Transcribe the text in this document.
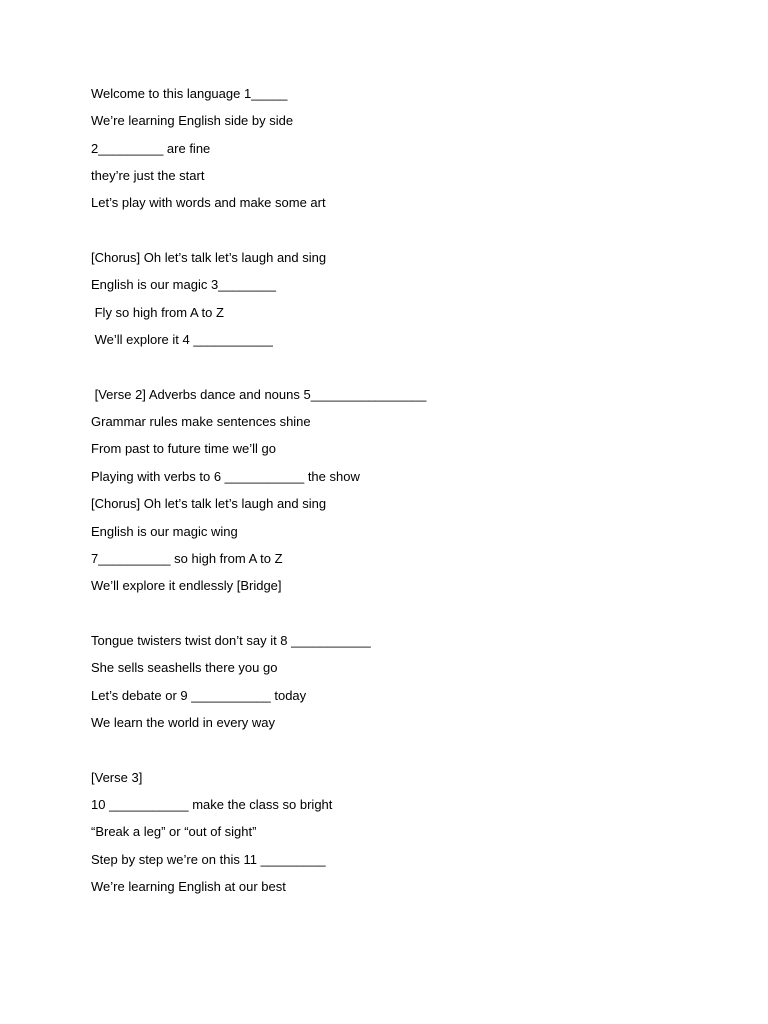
Welcome to this language 1_____
We’re learning English side by side
2_________ are fine
they’re just the start
Let’s play with words and make some art
[Chorus] Oh let’s talk let’s laugh and sing
English is our magic 3________
Fly so high from A to Z
We’ll explore it 4 ___________
[Verse 2] Adverbs dance and nouns 5________________
Grammar rules make sentences shine
From past to future time we’ll go
Playing with verbs to 6 ___________ the show
[Chorus] Oh let’s talk let’s laugh and sing
English is our magic wing
7__________ so high from A to Z
We’ll explore it endlessly [Bridge]
Tongue twisters twist don’t say it 8 ___________
She sells seashells there you go
Let’s debate or 9 ___________ today
We learn the world in every way
[Verse 3]
10 ___________ make the class so bright
“Break a leg” or “out of sight”
Step by step we’re on this 11 _________
We’re learning English at our best
